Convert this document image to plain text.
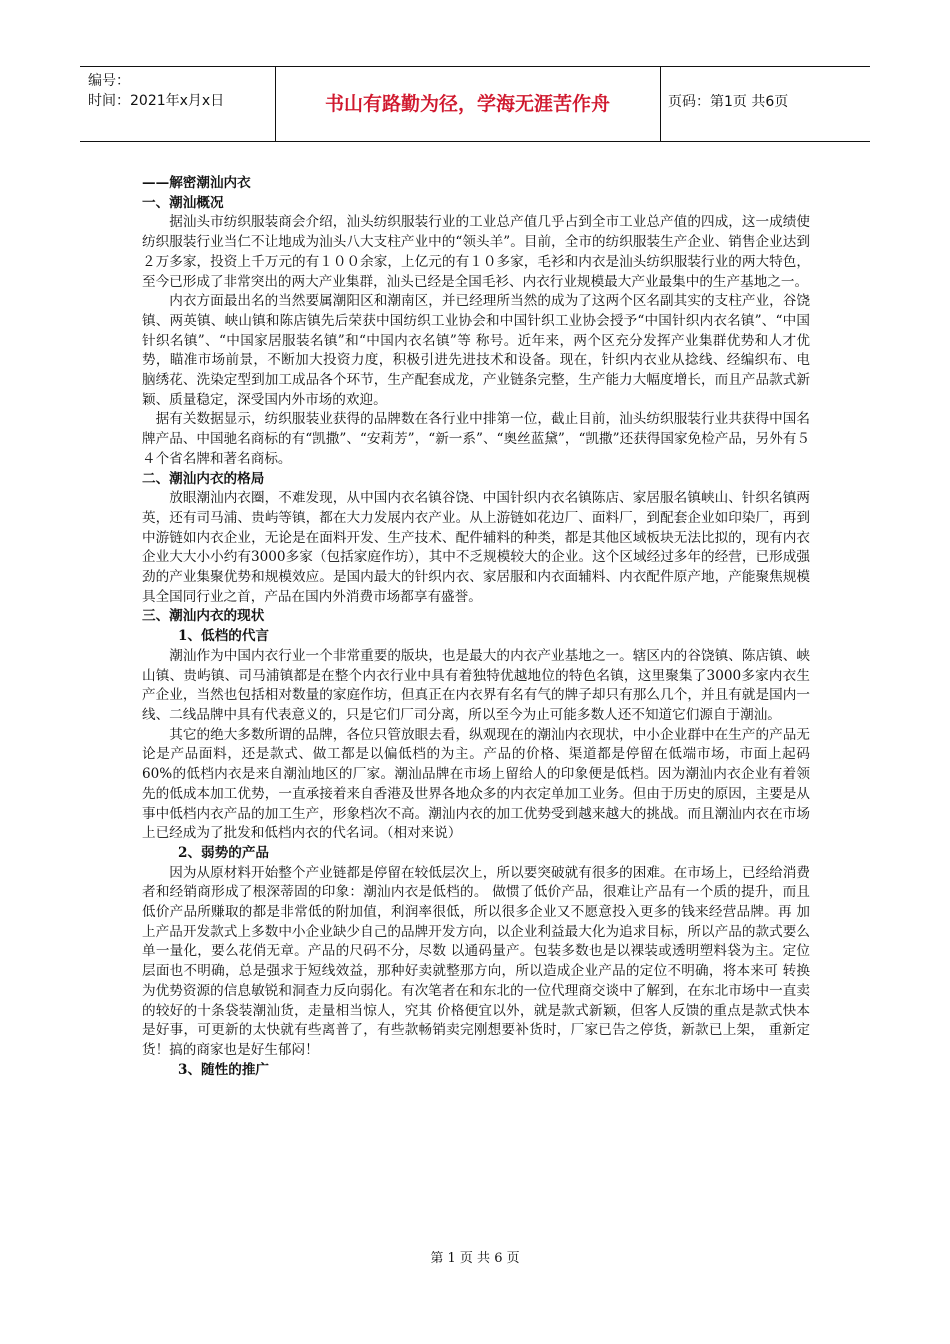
编号：
时间：2021年x月x日	书山有路勤为径，学海无涯苦作舟	页码：第1页 共6页

——解密潮汕内衣

一、潮汕概况

据汕头市纺织服装商会介绍，汕头纺织服装行业的工业总产值几乎占到全市工业总产值的四成，这一成绩使纺织服装行业当仁不让地成为汕头八大支柱产业中的“领头羊”。目前，全市的纺织服装生产企业、销售企业达到２万多家，投资上千万元的有１００余家，上亿元的有１０多家，毛衫和内衣是汕头纺织服装行业的两大特色，至今已形成了非常突出的两大产业集群，汕头已经是全国毛衫、内衣行业规模最大产业最集中的生产基地之一。

内衣方面最出名的当然要属潮阳区和潮南区，并已经理所当然的成为了这两个区名副其实的支柱产业，谷饶镇、两英镇、峡山镇和陈店镇先后荣获中国纺织工业协会和中国针织工业协会授予“中国针织内衣名镇”、“中国针织名镇”、“中国家居服装名镇”和“中国内衣名镇”等 称号。近年来，两个区充分发挥产业集群优势和人才优势，瞄准市场前景，不断加大投资力度，积极引进先进技术和设备。现在，针织内衣业从捻线、经编织布、电 脑绣花、洗染定型到加工成品各个环节，生产配套成龙，产业链条完整，生产能力大幅度增长，而且产品款式新颖、质量稳定，深受国内外市场的欢迎。

据有关数据显示，纺织服装业获得的品牌数在各行业中排第一位，截止目前，汕头纺织服装行业共获得中国名牌产品、中国驰名商标的有“凯撒”、“安莉芳”，“新一系”、“奥丝蓝黛”，“凯撒”还获得国家免检产品，另外有５４个省名牌和著名商标。

二、潮汕内衣的格局

放眼潮汕内衣圈，不难发现，从中国内衣名镇谷饶、中国针织内衣名镇陈店、家居服名镇峡山、针织名镇两英，还有司马浦、贵屿等镇，都在大力发展内衣产业。从上游链如花边厂、面料厂，到配套企业如印染厂，再到中游链如内衣企业，无论是在面料开发、生产技术、配件辅料的种类，都是其他区域板块无法比拟的，现有内衣企业大大小小约有3000多家（包括家庭作坊），其中不乏规模较大的企业。这个区域经过多年的经营，已形成强劲的产业集聚优势和规模效应。是国内最大的针织内衣、家居服和内衣面辅料、内衣配件原产地，产能聚焦规模具全国同行业之首，产品在国内外消费市场都享有盛誉。

三、潮汕内衣的现状

1、低档的代言

潮汕作为中国内衣行业一个非常重要的版块，也是最大的内衣产业基地之一。辖区内的谷饶镇、陈店镇、峡山镇、贵屿镇、司马浦镇都是在整个内衣行业中具有着独特优越地位的特色名镇，这里聚集了3000多家内衣生产企业，当然也包括相对数量的家庭作坊，但真正在内衣界有名有气的牌子却只有那么几个，并且有就是国内一线、二线品牌中具有代表意义的，只是它们厂司分离，所以至今为止可能多数人还不知道它们源自于潮汕。

其它的绝大多数所谓的品牌，各位只管放眼去看，纵观现在的潮汕内衣现状，中小企业群中在生产的产品无论是产品面料，还是款式、做工都是以偏低档的为主。产品的价格、渠道都是停留在低端市场，市面上起码60%的低档内衣是来自潮汕地区的厂家。潮汕品牌在市场上留给人的印象便是低档。因为潮汕内衣企业有着领先的低成本加工优势，一直承接着来自香港及世界各地众多的内衣定单加工业务。但由于历史的原因，主要是从事中低档内衣产品的加工生产，形象档次不高。潮汕内衣的加工优势受到越来越大的挑战。而且潮汕内衣在市场上已经成为了批发和低档内衣的代名词。（相对来说）

2、弱势的产品

因为从原材料开始整个产业链都是停留在较低层次上，所以要突破就有很多的困难。在市场上，已经给消费者和经销商形成了根深蒂固的印象：潮汕内衣是低档的。 做惯了低价产品，很难让产品有一个质的提升，而且低价产品所赚取的都是非常低的附加值，利润率很低，所以很多企业又不愿意投入更多的钱来经营品牌。再 加上产品开发款式上多数中小企业缺少自己的品牌开发方向，以企业利益最大化为追求目标，所以产品的款式要么单一量化，要么花俏无章。产品的尺码不分，尽数 以通码量产。包装多数也是以裸装或透明塑料袋为主。定位层面也不明确，总是强求于短线效益，那种好卖就整那方向，所以造成企业产品的定位不明确，将本来可 转换为优势资源的信息敏锐和洞查力反向弱化。有次笔者在和东北的一位代理商交谈中了解到，在东北市场中一直卖的较好的十条袋装潮汕货，走量相当惊人，究其 价格便宜以外，就是款式新颖，但客人反馈的重点是款式快本是好事，可更新的太快就有些离普了，有些款畅销卖完刚想要补货时，厂家已告之停货，新款已上架， 重新定货！搞的商家也是好生郁闷！

3、随性的推广

第 1 页 共 6 页
